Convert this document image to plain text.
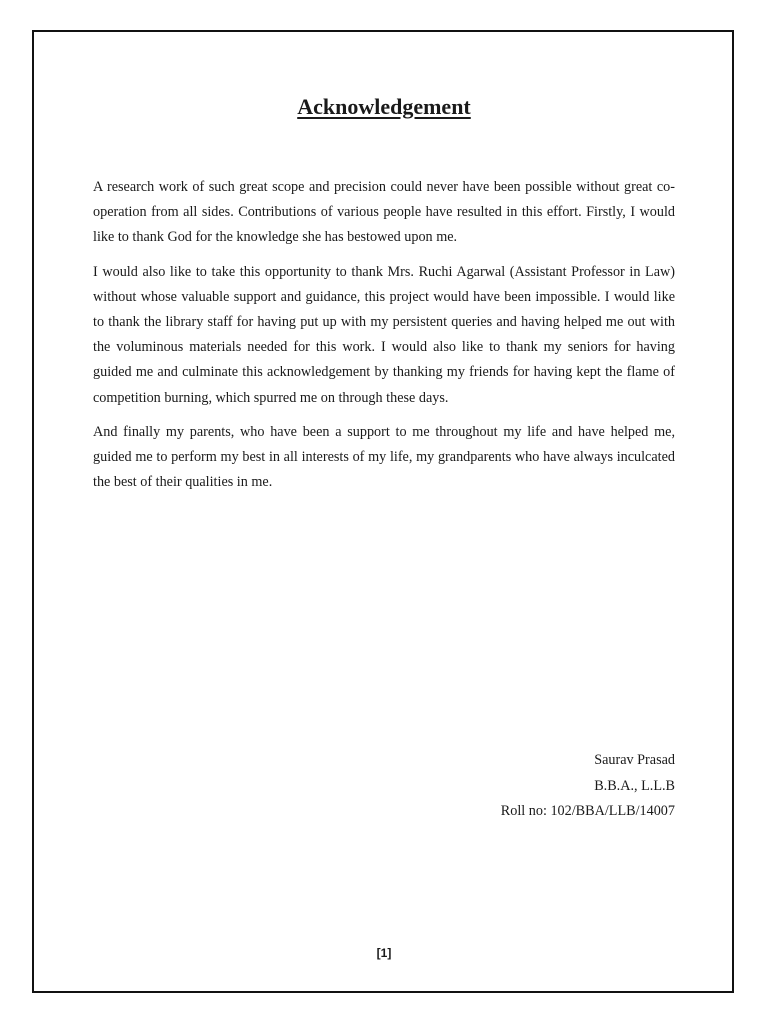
Acknowledgement

A research work of such great scope and precision could never have been possible without great co-operation from all sides. Contributions of various people have resulted in this effort. Firstly, I would like to thank God for the knowledge she has bestowed upon me.

I would also like to take this opportunity to thank Mrs. Ruchi Agarwal (Assistant Professor in Law) without whose valuable support and guidance, this project would have been impossible. I would like to thank the library staff for having put up with my persistent queries and having helped me out with the voluminous materials needed for this work. I would also like to thank my seniors for having guided me and culminate this acknowledgement by thanking my friends for having kept the flame of competition burning, which spurred me on through these days.

And finally my parents, who have been a support to me throughout my life and have helped me, guided me to perform my best in all interests of my life, my grandparents who have always inculcated the best of their qualities in me.

Saurav Prasad
B.B.A., L.L.B
Roll no: 102/BBA/LLB/14007
[1]
